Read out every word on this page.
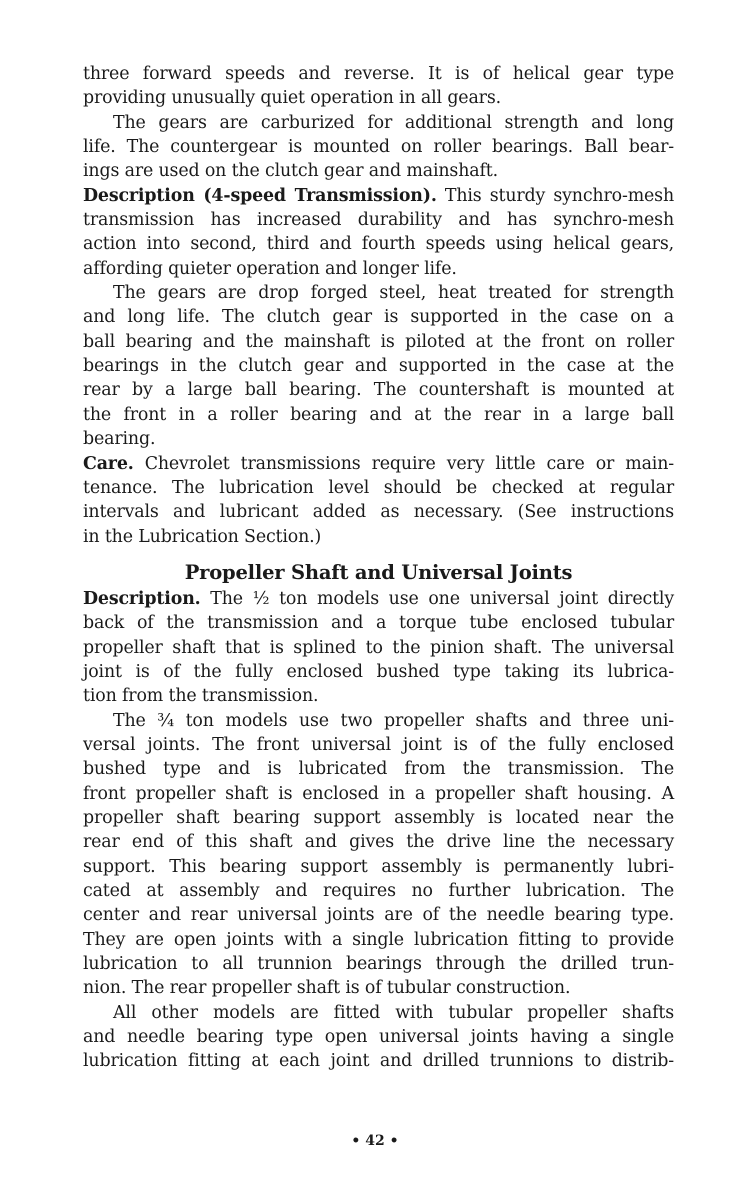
three forward speeds and reverse. It is of helical gear type
providing unusually quiet operation in all gears.
The gears are carburized for additional strength and long
life. The countergear is mounted on roller bearings. Ball bear-
ings are used on the clutch gear and mainshaft.
Description (4-speed Transmission). This sturdy synchro-mesh
transmission has increased durability and has synchro-mesh
action into second, third and fourth speeds using helical gears,
affording quieter operation and longer life.
The gears are drop forged steel, heat treated for strength
and long life. The clutch gear is supported in the case on a
ball bearing and the mainshaft is piloted at the front on roller
bearings in the clutch gear and supported in the case at the
rear by a large ball bearing. The countershaft is mounted at
the front in a roller bearing and at the rear in a large ball
bearing.
Care. Chevrolet transmissions require very little care or main-
tenance. The lubrication level should be checked at regular
intervals and lubricant added as necessary. (See instructions
in the Lubrication Section.)
Propeller Shaft and Universal Joints
Description. The ½ ton models use one universal joint directly
back of the transmission and a torque tube enclosed tubular
propeller shaft that is splined to the pinion shaft. The universal
joint is of the fully enclosed bushed type taking its lubrica-
tion from the transmission.
The ¾ ton models use two propeller shafts and three uni-
versal joints. The front universal joint is of the fully enclosed
bushed type and is lubricated from the transmission. The
front propeller shaft is enclosed in a propeller shaft housing. A
propeller shaft bearing support assembly is located near the
rear end of this shaft and gives the drive line the necessary
support. This bearing support assembly is permanently lubri-
cated at assembly and requires no further lubrication. The
center and rear universal joints are of the needle bearing type.
They are open joints with a single lubrication fitting to provide
lubrication to all trunnion bearings through the drilled trun-
nion. The rear propeller shaft is of tubular construction.
All other models are fitted with tubular propeller shafts
and needle bearing type open universal joints having a single
lubrication fitting at each joint and drilled trunnions to distrib-
• 42 •
